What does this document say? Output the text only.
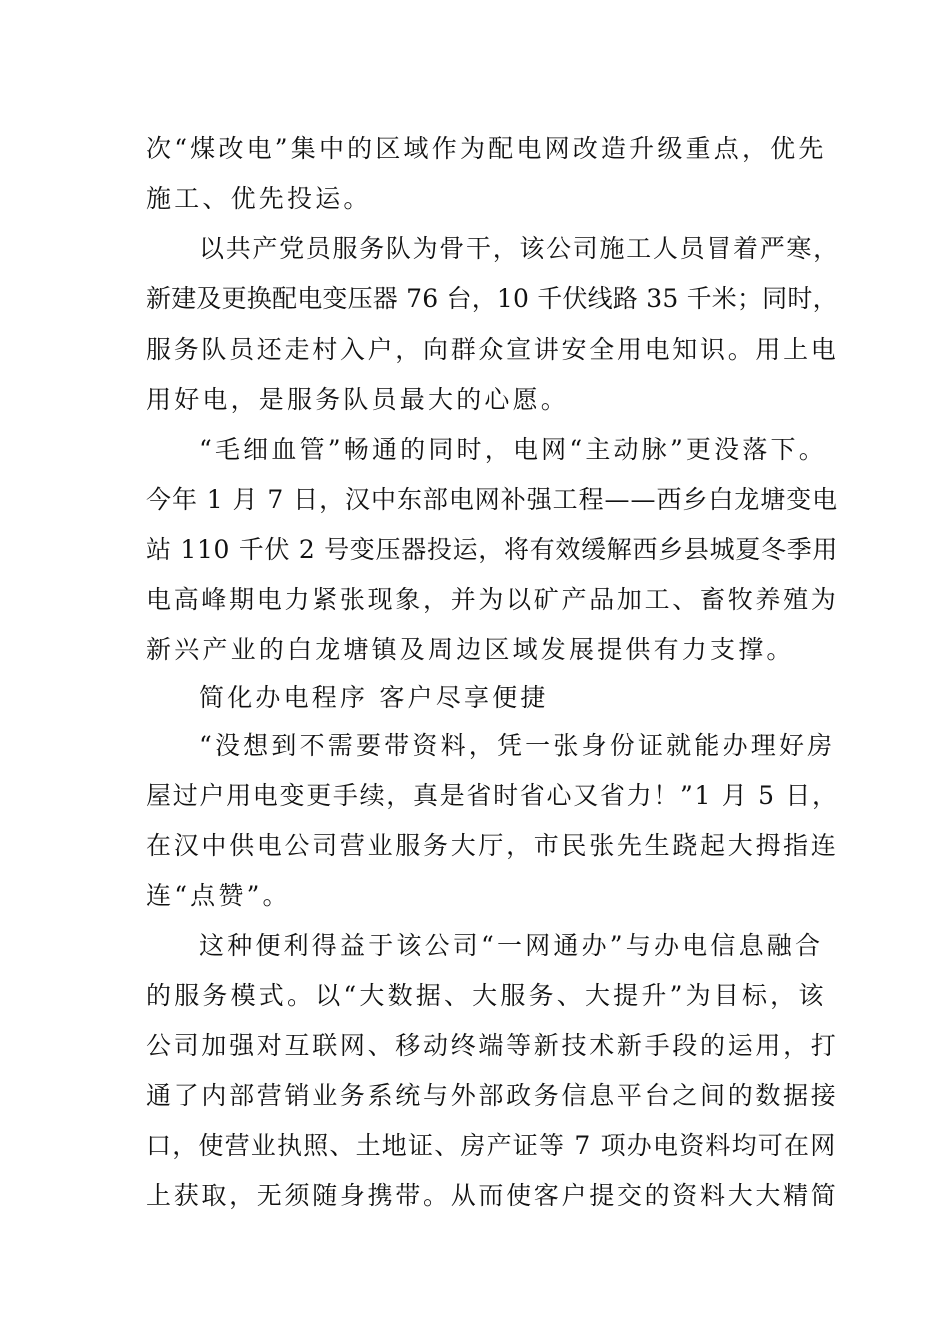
次“煤改电”集中的区域作为配电网改造升级重点，优先
施工、优先投运。
以共产党员服务队为骨干，该公司施工人员冒着严寒，
新建及更换配电变压器 76 台，10 千伏线路 35 千米；同时，
服务队员还走村入户，向群众宣讲安全用电知识。用上电
用好电，是服务队员最大的心愿。
“毛细血管”畅通的同时，电网“主动脉”更没落下。
今年 1 月 7 日，汉中东部电网补强工程——西乡白龙塘变电
站 110 千伏 2 号变压器投运，将有效缓解西乡县城夏冬季用
电高峰期电力紧张现象，并为以矿产品加工、畜牧养殖为
新兴产业的白龙塘镇及周边区域发展提供有力支撑。
简化办电程序 客户尽享便捷
“没想到不需要带资料，凭一张身份证就能办理好房
屋过户用电变更手续，真是省时省心又省力！”1 月 5 日，
在汉中供电公司营业服务大厅，市民张先生跷起大拇指连
连“点赞”。
这种便利得益于该公司“一网通办”与办电信息融合
的服务模式。以“大数据、大服务、大提升”为目标，该
公司加强对互联网、移动终端等新技术新手段的运用，打
通了内部营销业务系统与外部政务信息平台之间的数据接
口，使营业执照、土地证、房产证等 7 项办电资料均可在网
上获取，无须随身携带。从而使客户提交的资料大大精简
